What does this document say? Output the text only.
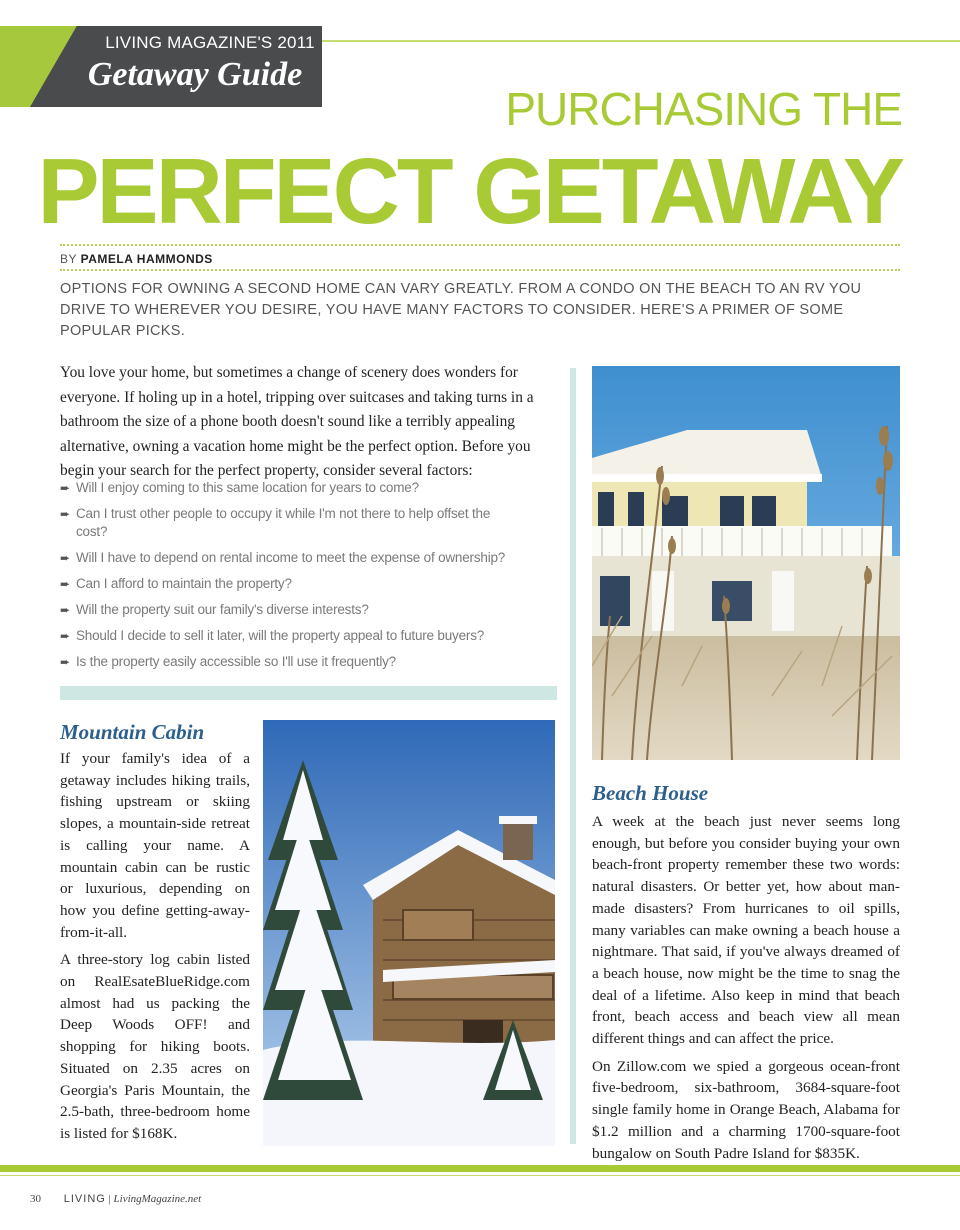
LIVING MAGAZINE'S 2011
Getaway Guide
PURCHASING THE
PERFECT GETAWAY
BY PAMELA HAMMONDS

OPTIONS FOR OWNING A SECOND HOME CAN VARY GREATLY. FROM A CONDO ON THE BEACH TO AN RV YOU DRIVE TO WHEREVER YOU DESIRE, YOU HAVE MANY FACTORS TO CONSIDER. HERE'S A PRIMER OF SOME POPULAR PICKS.

You love your home, but sometimes a change of scenery does wonders for everyone. If holing up in a hotel, tripping over suitcases and taking turns in a bathroom the size of a phone booth doesn't sound like a terribly appealing alternative, owning a vacation home might be the perfect option. Before you begin your search for the perfect property, consider several factors:

➨ Will I enjoy coming to this same location for years to come?
➨ Can I trust other people to occupy it while I'm not there to help offset the cost?
➨ Will I have to depend on rental income to meet the expense of ownership?
➨ Can I afford to maintain the property?
➨ Will the property suit our family's diverse interests?
➨ Should I decide to sell it later, will the property appeal to future buyers?
➨ Is the property easily accessible so I'll use it frequently?
Mountain Cabin

If your family's idea of a getaway includes hiking trails, fishing upstream or skiing slopes, a mountain-side retreat is calling your name. A mountain cabin can be rustic or luxurious, depending on how you define getting-away-from-it-all.

A three-story log cabin listed on RealEsateBlueRidge.com almost had us packing the Deep Woods OFF! and shopping for hiking boots. Situated on 2.35 acres on Georgia's Paris Mountain, the 2.5-bath, three-bedroom home is listed for $168K.

Beach House

A week at the beach just never seems long enough, but before you consider buying your own beach-front property remember these two words: natural disasters. Or better yet, how about man-made disasters? From hurricanes to oil spills, many variables can make owning a beach house a nightmare. That said, if you've always dreamed of a beach house, now might be the time to snag the deal of a lifetime. Also keep in mind that beach front, beach access and beach view all mean different things and can affect the price.

On Zillow.com we spied a gorgeous ocean-front five-bedroom, six-bathroom, 3684-square-foot single family home in Orange Beach, Alabama for $1.2 million and a charming 1700-square-foot bungalow on South Padre Island for $835K.

30 LIVING | LivingMagazine.net
